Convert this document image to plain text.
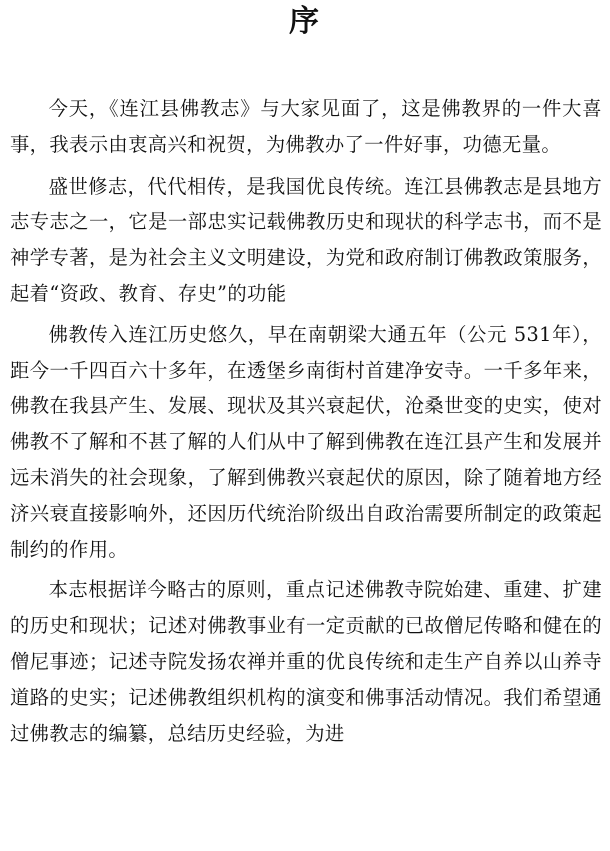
序

今天，《连江县佛教志》与大家见面了，这是佛教界的一件大喜事，我表示由衷高兴和祝贺，为佛教办了一件好事，功德无量。

盛世修志，代代相传，是我国优良传统。连江县佛教志是县地方志专志之一，它是一部忠实记载佛教历史和现状的科学志书，而不是神学专著，是为社会主义文明建设，为党和政府制订佛教政策服务，起着“资政、教育、存史”的功能

佛教传入连江历史悠久，早在南朝梁大通五年（公元 531年），距今一千四百六十多年，在透堡乡南街村首建净安寺。一千多年来，佛教在我县产生、发展、现状及其兴衰起伏，沧桑世变的史实，使对佛教不了解和不甚了解的人们从中了解到佛教在连江县产生和发展并远未消失的社会现象，了解到佛教兴衰起伏的原因，除了随着地方经济兴衰直接影响外，还因历代统治阶级出自政治需要所制定的政策起制约的作用。

本志根据详今略古的原则，重点记述佛教寺院始建、重建、扩建的历史和现状；记述对佛教事业有一定贡献的已故僧尼传略和健在的僧尼事迹；记述寺院发扬农禅并重的优良传统和走生产自养以山养寺道路的史实；记述佛教组织机构的演变和佛事活动情况。我们希望通过佛教志的编纂，总结历史经验，为进
